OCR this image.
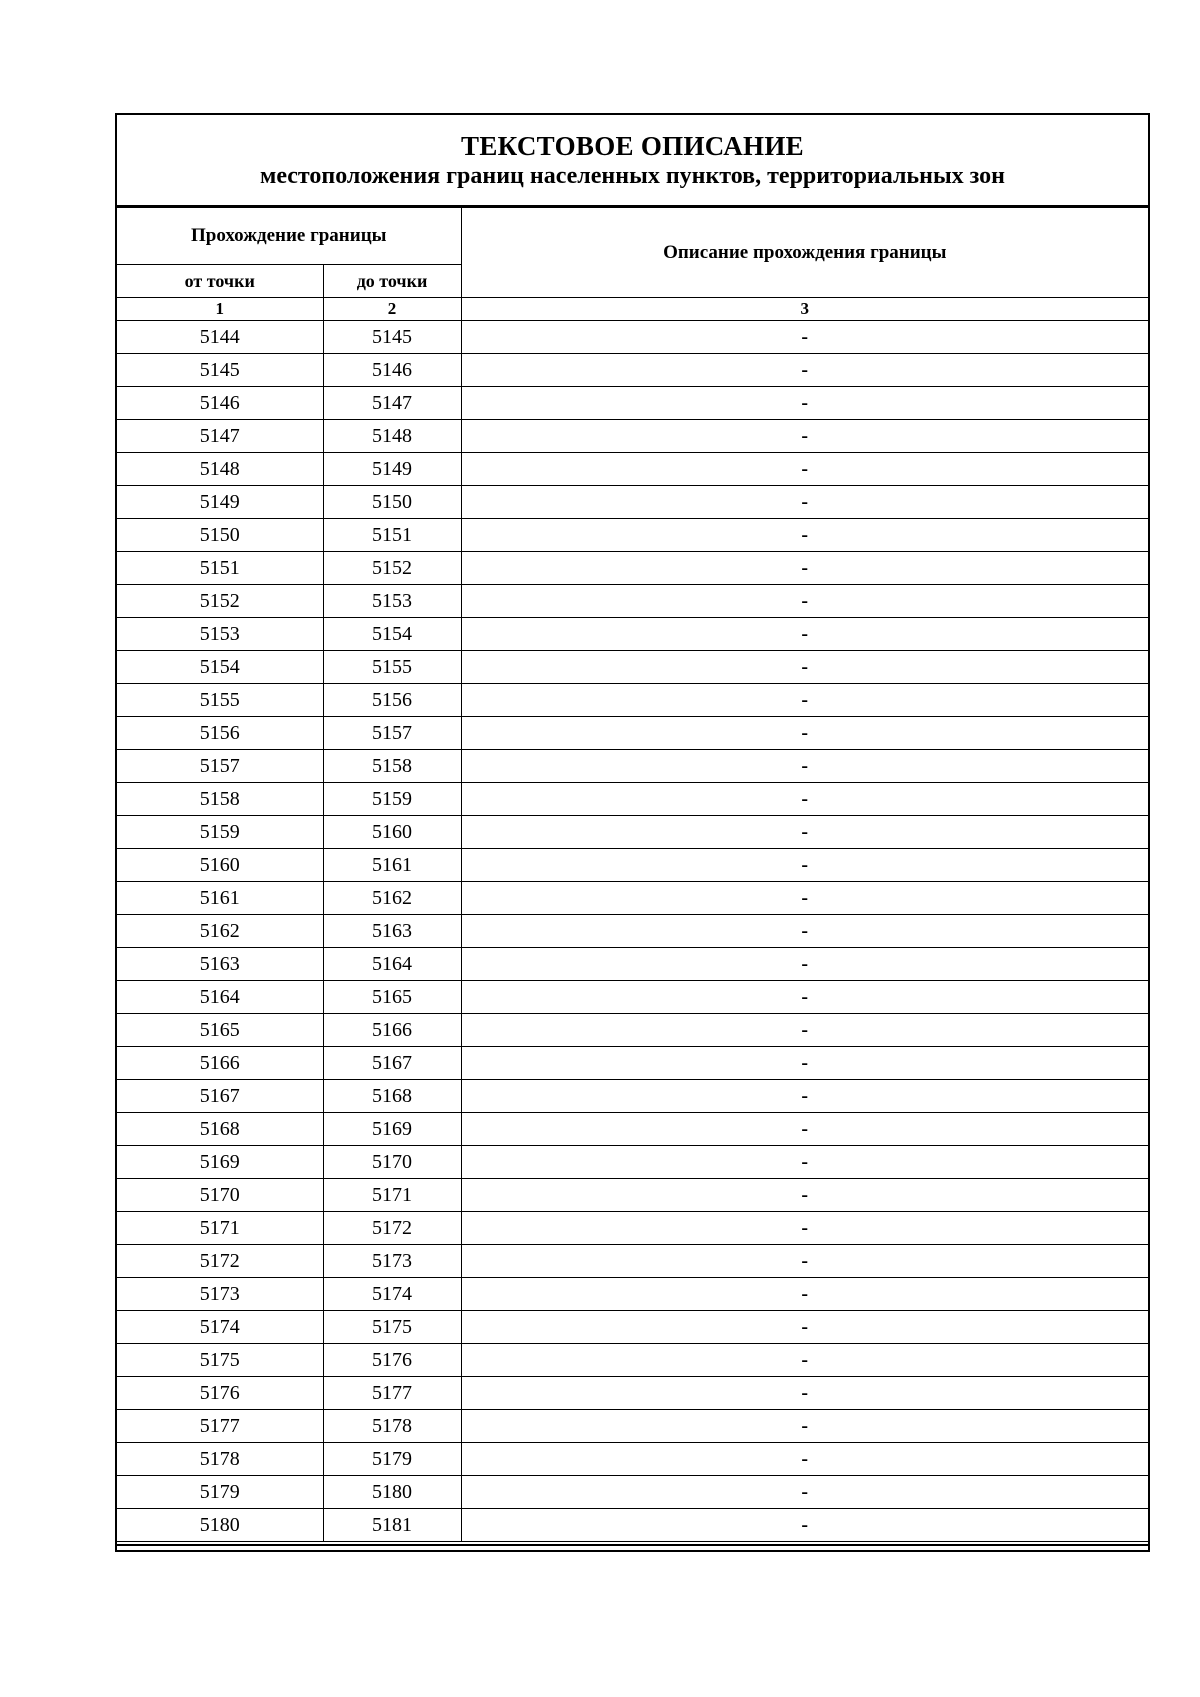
ТЕКСТОВОЕ ОПИСАНИЕ
местоположения границ населенных пунктов, территориальных зон
Прохождение границы		Описание прохождения границы
от точки	до точки	
1	2	3
5144	5145	-
5145	5146	-
5146	5147	-
5147	5148	-
5148	5149	-
5149	5150	-
5150	5151	-
5151	5152	-
5152	5153	-
5153	5154	-
5154	5155	-
5155	5156	-
5156	5157	-
5157	5158	-
5158	5159	-
5159	5160	-
5160	5161	-
5161	5162	-
5162	5163	-
5163	5164	-
5164	5165	-
5165	5166	-
5166	5167	-
5167	5168	-
5168	5169	-
5169	5170	-
5170	5171	-
5171	5172	-
5172	5173	-
5173	5174	-
5174	5175	-
5175	5176	-
5176	5177	-
5177	5178	-
5178	5179	-
5179	5180	-
5180	5181	-
